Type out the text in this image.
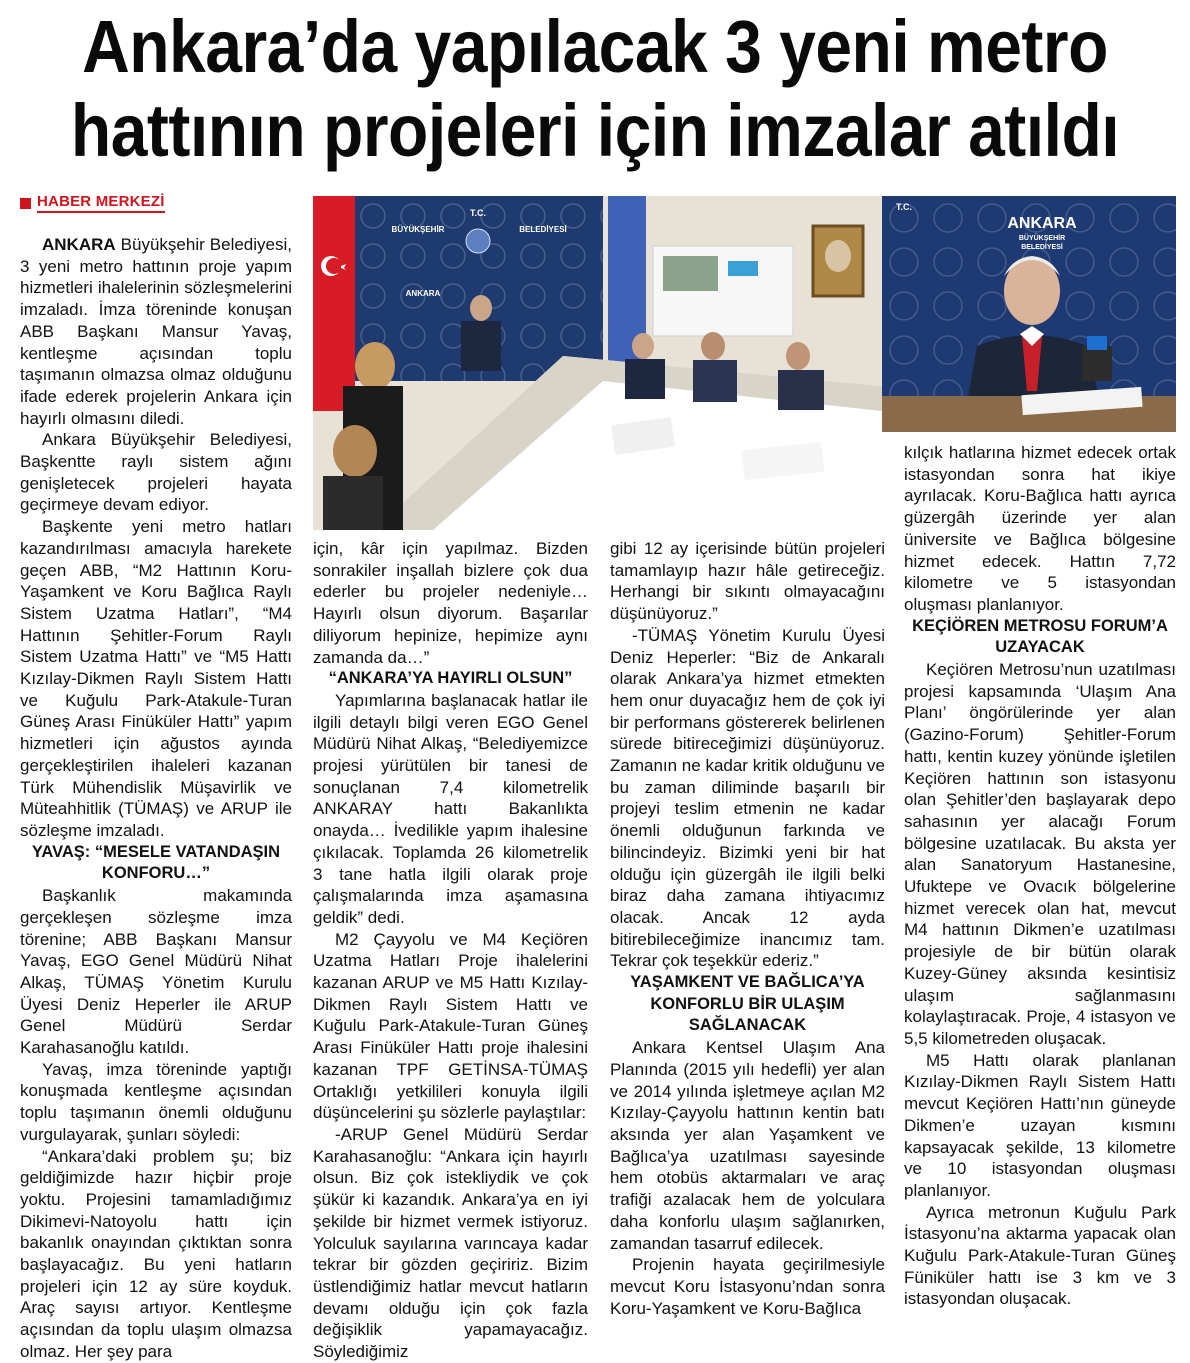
Ankara’da yapılacak 3 yeni metro
hattının projeleri için imzalar atıldı
HABER MERKEZİ
T.C.
BÜYÜKŞEHİR	BELEDİYESİ
ANKARA
T.C.
ANKARA
BÜYÜKŞEHİR
BELEDİYESİ

ANKARA Büyükşehir Belediyesi, 3 yeni metro hattının proje yapım hizmetleri ihalelerinin sözleşmelerini imzaladı. İmza töreninde konuşan ABB Başkanı Mansur Yavaş, kentleşme açısından toplu taşımanın olmazsa olmaz olduğunu ifade ederek projelerin Ankara için hayırlı olmasını diledi.

Ankara Büyükşehir Belediyesi, Başkentte raylı sistem ağını genişletecek projeleri hayata geçirmeye devam ediyor.

Başkente yeni metro hatları kazandırılması amacıyla harekete geçen ABB, “M2 Hattının Koru- Yaşamkent ve Koru Bağlıca Raylı Sistem Uzatma Hatları”, “M4 Hattının Şehitler-Forum Raylı Sistem Uzatma Hattı” ve “M5 Hattı Kızılay-Dikmen Raylı Sistem Hattı ve Kuğulu Park-Atakule-Turan Güneş Arası Finüküler Hattı” yapım hizmetleri için ağustos ayında gerçekleştirilen ihaleleri kazanan Türk Mühendislik Müşavirlik ve Müteahhitlik (TÜMAŞ) ve ARUP ile sözleşme imzaladı.

YAVAŞ: “MESELE VATANDAŞIN KONFORU…”

Başkanlık makamında gerçekleşen sözleşme imza törenine; ABB Başkanı Mansur Yavaş, EGO Genel Müdürü Nihat Alkaş, TÜMAŞ Yönetim Kurulu Üyesi Deniz Heperler ile ARUP Genel Müdürü Serdar Karahasanoğlu katıldı.

Yavaş, imza töreninde yaptığı konuşmada kentleşme açısından toplu taşımanın önemli olduğunu vurgulayarak, şunları söyledi:

“Ankara’daki problem şu; biz geldiğimizde hazır hiçbir proje yoktu. Projesini tamamladığımız Dikimevi-Natoyolu hattı için bakanlık onayından çıktıktan sonra başlayacağız. Bu yeni hatların projeleri için 12 ay süre koyduk. Araç sayısı artıyor. Kentleşme açısından da toplu ulaşım olmazsa olmaz. Her şey para

için, kâr için yapılmaz. Bizden sonrakiler inşallah bizlere çok dua ederler bu projeler nedeniyle… Hayırlı olsun diyorum. Başarılar diliyorum hepinize, hepimize aynı zamanda da…”

“ANKARA’YA HAYIRLI OLSUN”

Yapımlarına başlanacak hatlar ile ilgili detaylı bilgi veren EGO Genel Müdürü Nihat Alkaş, “Belediyemizce projesi yürütülen bir tanesi de sonuçlanan 7,4 kilometrelik ANKARAY hattı Bakanlıkta onayda… İvedilikle yapım ihalesine çıkılacak. Toplamda 26 kilometrelik 3 tane hatla ilgili olarak proje çalışmalarında imza aşamasına geldik” dedi.

M2 Çayyolu ve M4 Keçiören Uzatma Hatları Proje ihalelerini kazanan ARUP ve M5 Hattı Kızılay-Dikmen Raylı Sistem Hattı ve Kuğulu Park-Atakule-Turan Güneş Arası Finüküler Hattı proje ihalesini kazanan TPF GETİNSA-TÜMAŞ Ortaklığı yetkilileri konuyla ilgili düşüncelerini şu sözlerle paylaştılar:

-ARUP Genel Müdürü Serdar Karahasanoğlu: “Ankara için hayırlı olsun. Biz çok istekliydik ve çok şükür ki kazandık. Ankara’ya en iyi şekilde bir hizmet vermek istiyoruz. Yolculuk sayılarına varıncaya kadar tekrar bir gözden geçiririz. Bizim üstlendiğimiz hatlar mevcut hatların devamı olduğu için çok fazla değişiklik yapamayacağız. Söylediğimiz

gibi 12 ay içerisinde bütün projeleri tamamlayıp hazır hâle getireceğiz. Herhangi bir sıkıntı olmayacağını düşünüyoruz.”

-TÜMAŞ Yönetim Kurulu Üyesi Deniz Heperler: “Biz de Ankaralı olarak Ankara’ya hizmet etmekten hem onur duyacağız hem de çok iyi bir performans göstererek belirlenen sürede bitireceğimizi düşünüyoruz. Zamanın ne kadar kritik olduğunu ve bu zaman diliminde başarılı bir projeyi teslim etmenin ne kadar önemli olduğunun farkında ve bilincindeyiz. Bizimki yeni bir hat olduğu için güzergâh ile ilgili belki biraz daha zamana ihtiyacımız olacak. Ancak 12 ayda bitirebileceğimize inancımız tam. Tekrar çok teşekkür ederiz.”

YAŞAMKENT VE BAĞLICA’YA KONFORLU BİR ULAŞIM SAĞLANACAK

Ankara Kentsel Ulaşım Ana Planında (2015 yılı hedefli) yer alan ve 2014 yılında işletmeye açılan M2 Kızılay-Çayyolu hattının kentin batı aksında yer alan Yaşamkent ve Bağlıca’ya uzatılması sayesinde hem otobüs aktarmaları ve araç trafiği azalacak hem de yolculara daha konforlu ulaşım sağlanırken, zamandan tasarruf edilecek.

Projenin hayata geçirilmesiyle mevcut Koru İstasyonu’ndan sonra Koru-Yaşamkent ve Koru-Bağlıca

kılçık hatlarına hizmet edecek ortak istasyondan sonra hat ikiye ayrılacak. Koru-Bağlıca hattı ayrıca güzergâh üzerinde yer alan üniversite ve Bağlıca bölgesine hizmet edecek. Hattın 7,72 kilometre ve 5 istasyondan oluşması planlanıyor.

KEÇİÖREN METROSU FORUM’A UZAYACAK

Keçiören Metrosu’nun uzatılması projesi kapsamında ‘Ulaşım Ana Planı’ öngörülerinde yer alan (Gazino-Forum) Şehitler-Forum hattı, kentin kuzey yönünde işletilen Keçiören hattının son istasyonu olan Şehitler’den başlayarak depo sahasının yer alacağı Forum bölgesine uzatılacak. Bu aksta yer alan Sanatoryum Hastanesine, Ufuktepe ve Ovacık bölgelerine hizmet verecek olan hat, mevcut M4 hattının Dikmen’e uzatılması projesiyle de bir bütün olarak Kuzey-Güney aksında kesintisiz ulaşım sağlanmasını kolaylaştıracak. Proje, 4 istasyon ve 5,5 kilometreden oluşacak.

M5 Hattı olarak planlanan Kızılay-Dikmen Raylı Sistem Hattı mevcut Keçiören Hattı’nın güneyde Dikmen’e uzayan kısmını kapsayacak şekilde, 13 kilometre ve 10 istasyondan oluşması planlanıyor.

Ayrıca metronun Kuğulu Park İstasyonu’na aktarma yapacak olan Kuğulu Park-Atakule-Turan Güneş Füniküler hattı ise 3 km ve 3 istasyondan oluşacak.
